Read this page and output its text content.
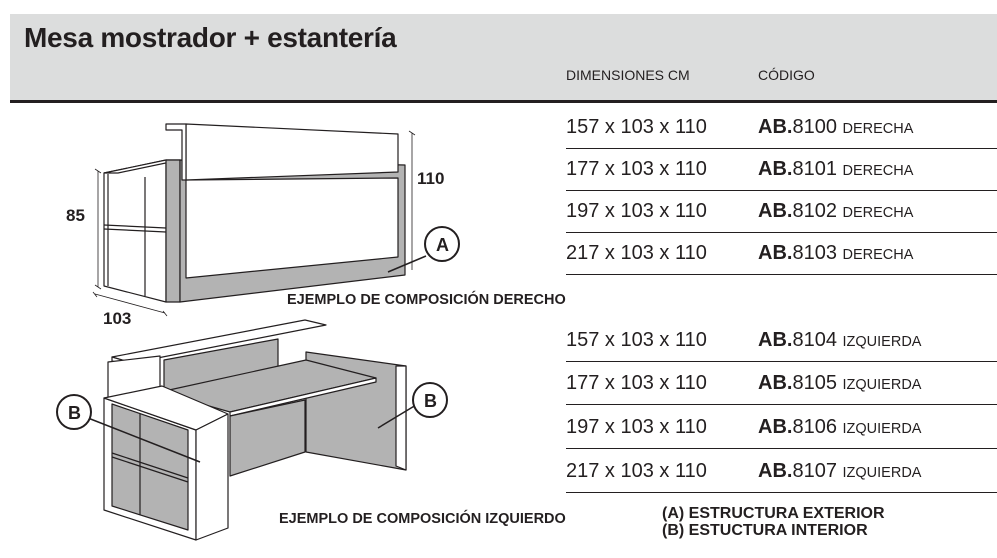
Mesa mostrador + estantería
DIMENSIONES CM	CÓDIGO
157 x 103 x 110	AB.8100 DERECHA
177 x 103 x 110	AB.8101 DERECHA
197 x 103 x 110	AB.8102 DERECHA
217 x 103 x 110	AB.8103 DERECHA
157 x 103 x 110	AB.8104 IZQUIERDA
177 x 103 x 110	AB.8105 IZQUIERDA
197 x 103 x 110	AB.8106 IZQUIERDA
217 x 103 x 110	AB.8107 IZQUIERDA
EJEMPLO DE COMPOSICIÓN DERECHO
EJEMPLO DE COMPOSICIÓN IZQUIERDO	(A) ESTRUCTURA EXTERIOR
(B) ESTUCTURA INTERIOR
85
110
103
A
B
B
